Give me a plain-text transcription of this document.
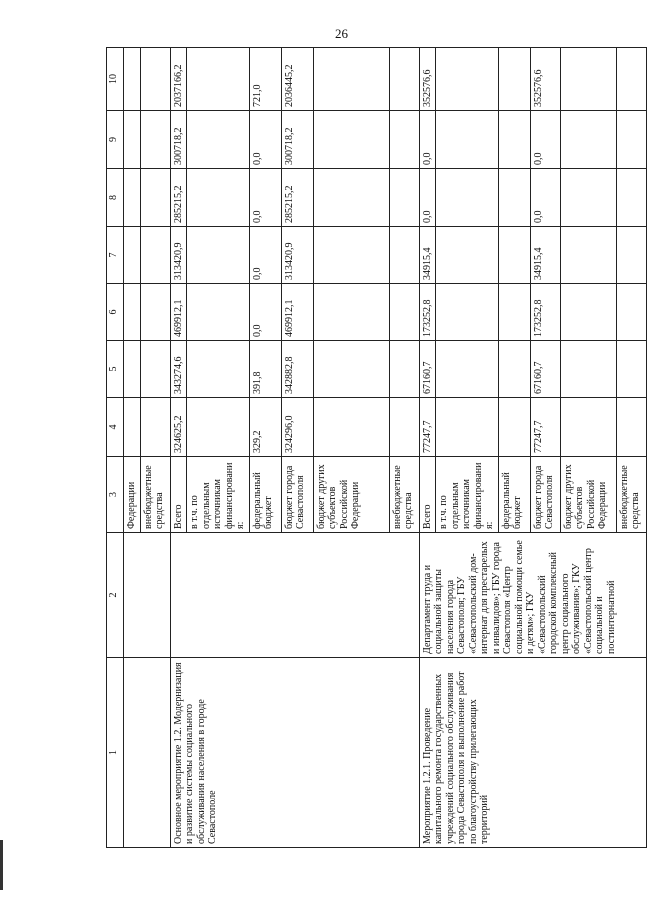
26
1	2	3	4	5	6	7	8	9	10
		Федерации							
		внебюджетные средства							
Основное мероприятие 1.2. Модернизация и развитие системы социального обслуживания населения в городе Севастополе		Всего	324625,2	343274,6	469912,1	313420,9	285215,2	300718,2	2037166,2
		в т.ч. по отдельным источникам финансирования:							
		федеральный бюджет	329,2	391,8	0,0	0,0	0,0	0,0	721,0
		бюджет города Севастополя	324296,0	342882,8	469912,1	313420,9	285215,2	300718,2	2036445,2
		бюджет других субъектов Российской Федерации							
		внебюджетные средства							
Мероприятие 1.2.1. Проведение капитального ремонта государственных учреждений социального обслуживания города Севастополя и выполнение работ по благоустройству прилегающих территорий	Департамент труда и социальной защиты населения города Севастополя; ГБУ «Севастопольский дом-интернат для престарелых и инвалидов»; ГБУ города Севастополя «Центр социальной помощи семье и детям»; ГКУ «Севастопольский городской комплексный центр социального обслуживания»; ГКУ «Севастопольский центр социальной и постинтернатной	Всего	77247,7	67160,7	173252,8	34915,4	0,0	0,0	352576,6
		в т.ч. по отдельным источникам финансирования:							
		федеральный бюджет							
		бюджет города Севастополя	77247,7	67160,7	173252,8	34915,4	0,0	0,0	352576,6
		бюджет других субъектов Российской Федерации							
		внебюджетные средства							
